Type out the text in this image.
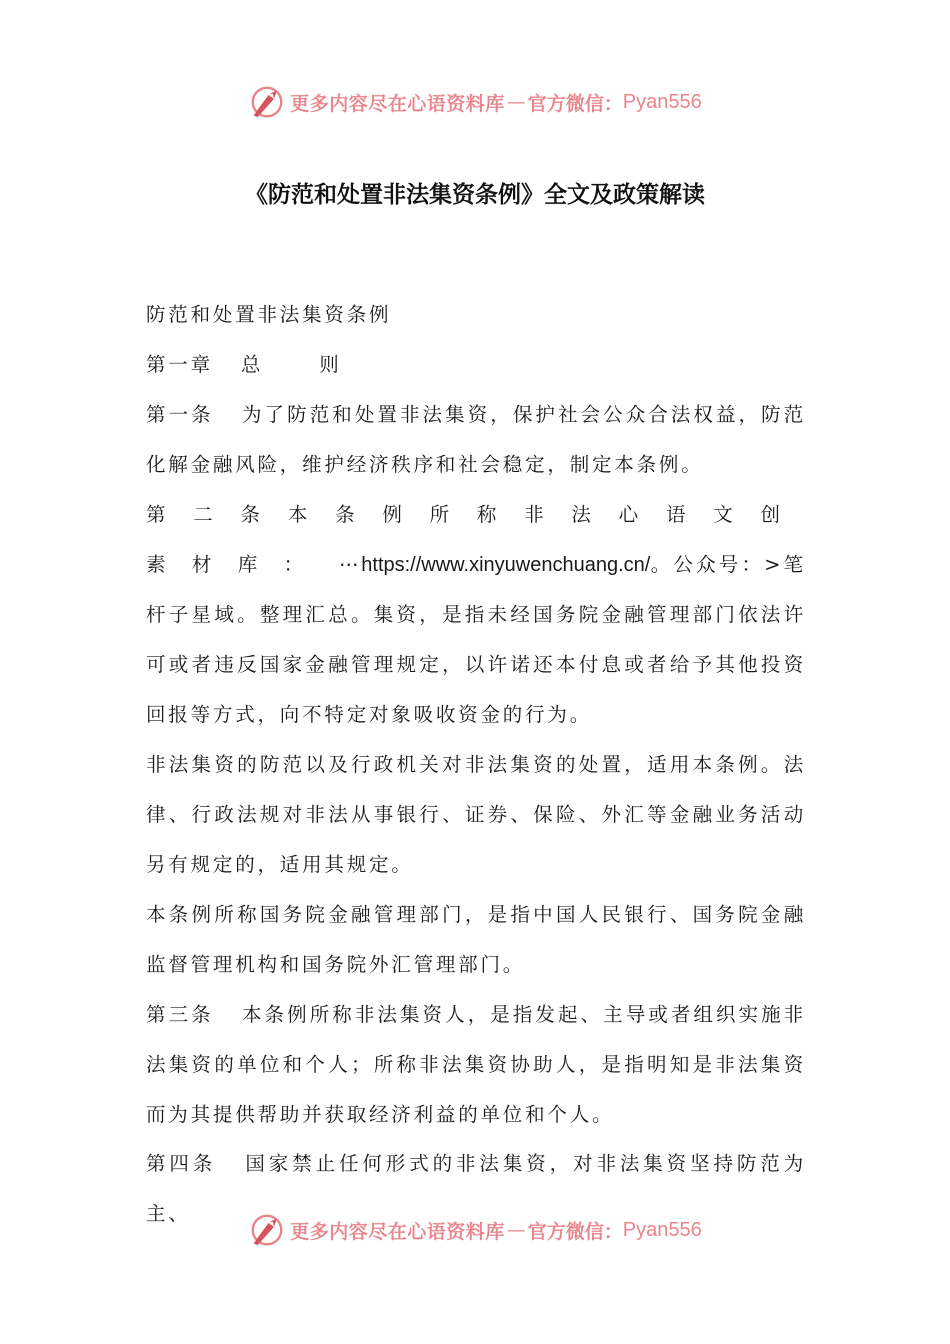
更多内容尽在心语资料库 — 官方微信： Pyan556
《防范和处置非法集资条例》全文及政策解读

防范和处置非法集资条例

第一章 总	则

第一条 为了防范和处置非法集资，保护社会公众合法权益，防范化解金融风险，维护经济秩序和社会稳定，制定本条例。

第二条本条例所称非法心语文创素材库： ⋯https://www.xinyuwenchuang.cn/。公众号：>笔杆子星域。整理汇总。集资，是指未经国务院金融管理部门依法许可或者违反国家金融管理规定，以许诺还本付息或者给予其他投资回报等方式，向不特定对象吸收资金的行为。

非法集资的防范以及行政机关对非法集资的处置，适用本条例。法律、行政法规对非法从事银行、证券、保险、外汇等金融业务活动另有规定的，适用其规定。

本条例所称国务院金融管理部门，是指中国人民银行、国务院金融监督管理机构和国务院外汇管理部门。

第三条 本条例所称非法集资人，是指发起、主导或者组织实施非法集资的单位和个人；所称非法集资协助人，是指明知是非法集资而为其提供帮助并获取经济利益的单位和个人。

第四条 国家禁止任何形式的非法集资，对非法集资坚持防范为主、

更多内容尽在心语资料库 — 官方微信： Pyan556
